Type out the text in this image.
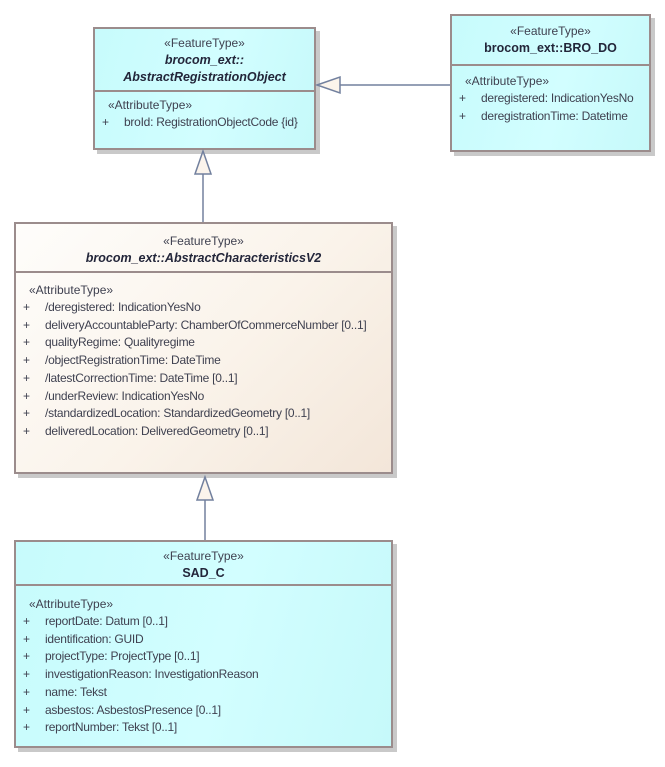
«FeatureType»
brocom_ext::
AbstractRegistrationObject
«AttributeType»
+	broId: RegistrationObjectCode {id}
«FeatureType»
brocom_ext::BRO_DO
«AttributeType»
+	deregistered: IndicationYesNo
+	deregistrationTime: Datetime
«FeatureType»
brocom_ext::AbstractCharacteristicsV2
«AttributeType»
+	/deregistered: IndicationYesNo
+	deliveryAccountableParty: ChamberOfCommerceNumber [0..1]
+	qualityRegime: Qualityregime
+	/objectRegistrationTime: DateTime
+	/latestCorrectionTime: DateTime [0..1]
+	/underReview: IndicationYesNo
+	/standardizedLocation: StandardizedGeometry [0..1]
+	deliveredLocation: DeliveredGeometry [0..1]
«FeatureType»
SAD_C
«AttributeType»
+	reportDate: Datum [0..1]
+	identification: GUID
+	projectType: ProjectType [0..1]
+	investigationReason: InvestigationReason
+	name: Tekst
+	asbestos: AsbestosPresence [0..1]
+	reportNumber: Tekst [0..1]
